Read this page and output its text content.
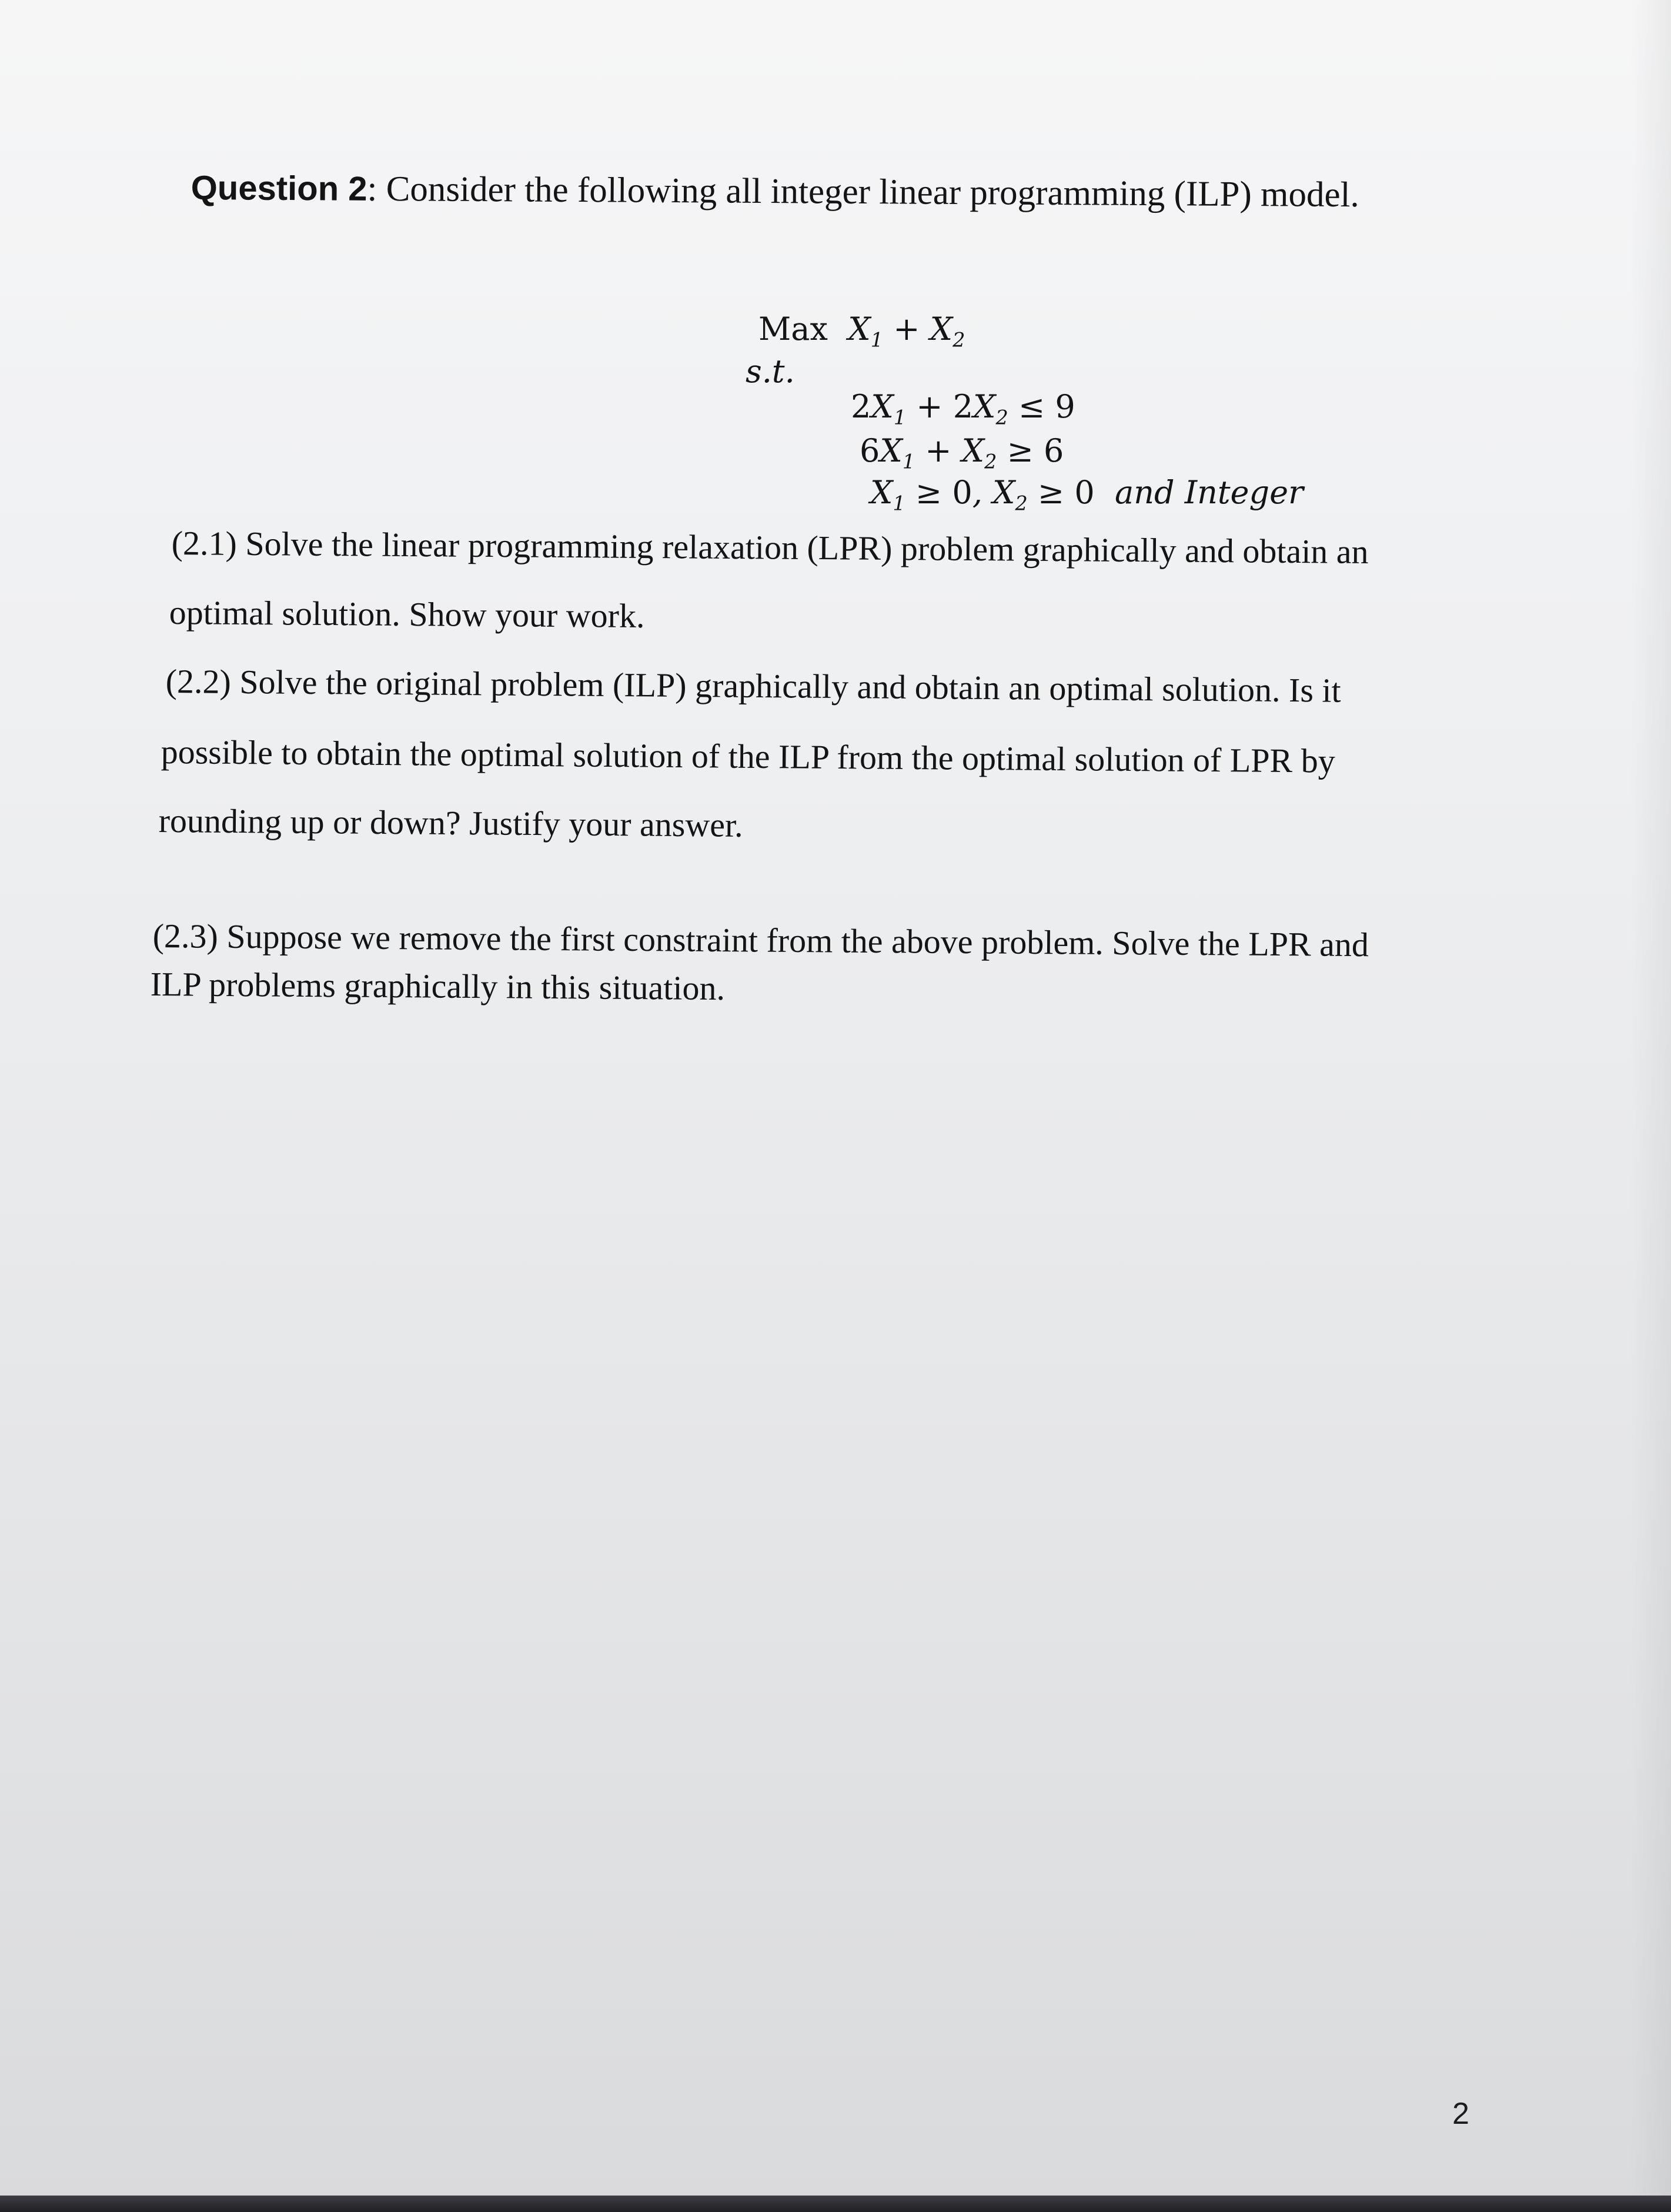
Question 2: Consider the following all integer linear programming (ILP) model.
Max $X_1 + X_2$
s.t.
$2X_1 + 2X_2 \le 9$
$6X_1 + X_2 \ge 6$
$X_1 \ge 0$, $X_2 \ge 0$ and Integer
(2.1) Solve the linear programming relaxation (LPR) problem graphically and obtain an
optimal solution. Show your work.
(2.2) Solve the original problem (ILP) graphically and obtain an optimal solution. Is it
possible to obtain the optimal solution of the ILP from the optimal solution of LPR by
rounding up or down? Justify your answer.
(2.3) Suppose we remove the first constraint from the above problem. Solve the LPR and
ILP problems graphically in this situation.
2
